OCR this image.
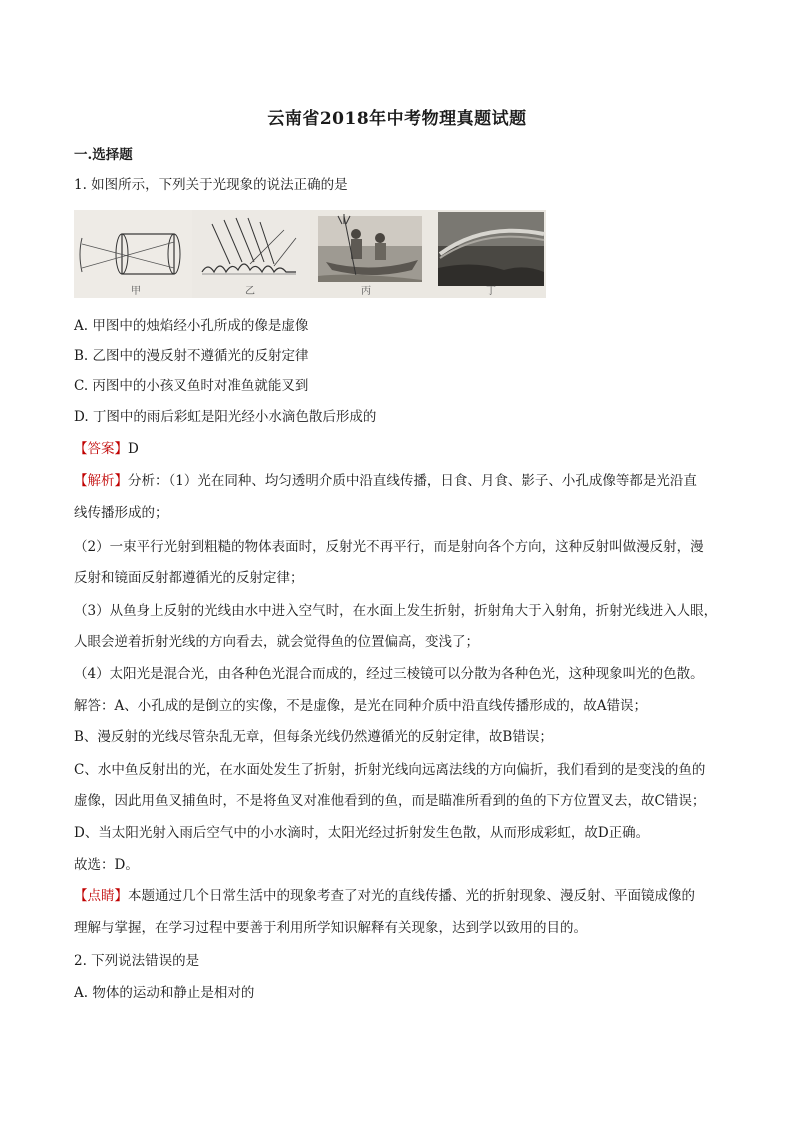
云南省2018年中考物理真题试题
一.选择题
1. 如图所示，下列关于光现象的说法正确的是
甲	乙	丙	丁
A. 甲图中的烛焰经小孔所成的像是虚像
B. 乙图中的漫反射不遵循光的反射定律
C. 丙图中的小孩叉鱼时对准鱼就能叉到
D. 丁图中的雨后彩虹是阳光经小水滴色散后形成的
【答案】D
【解析】分析：（1）光在同种、均匀透明介质中沿直线传播，日食、月食、影子、小孔成像等都是光沿直
线传播形成的；
（2）一束平行光射到粗糙的物体表面时，反射光不再平行，而是射向各个方向，这种反射叫做漫反射，漫
反射和镜面反射都遵循光的反射定律；
（3）从鱼身上反射的光线由水中进入空气时，在水面上发生折射，折射角大于入射角，折射光线进入人眼，
人眼会逆着折射光线的方向看去，就会觉得鱼的位置偏高，变浅了；
（4）太阳光是混合光，由各种色光混合而成的，经过三棱镜可以分散为各种色光，这种现象叫光的色散。
解答：A、小孔成的是倒立的实像，不是虚像，是光在同种介质中沿直线传播形成的，故A错误；
B、漫反射的光线尽管杂乱无章，但每条光线仍然遵循光的反射定律，故B错误；
C、水中鱼反射出的光，在水面处发生了折射，折射光线向远离法线的方向偏折，我们看到的是变浅的鱼的
虚像，因此用鱼叉捕鱼时，不是将鱼叉对准他看到的鱼，而是瞄准所看到的鱼的下方位置叉去，故C错误；
D、当太阳光射入雨后空气中的小水滴时，太阳光经过折射发生色散，从而形成彩虹，故D正确。
故选：D。
【点睛】本题通过几个日常生活中的现象考查了对光的直线传播、光的折射现象、漫反射、平面镜成像的
理解与掌握，在学习过程中要善于利用所学知识解释有关现象，达到学以致用的目的。
2. 下列说法错误的是
A. 物体的运动和静止是相对的
